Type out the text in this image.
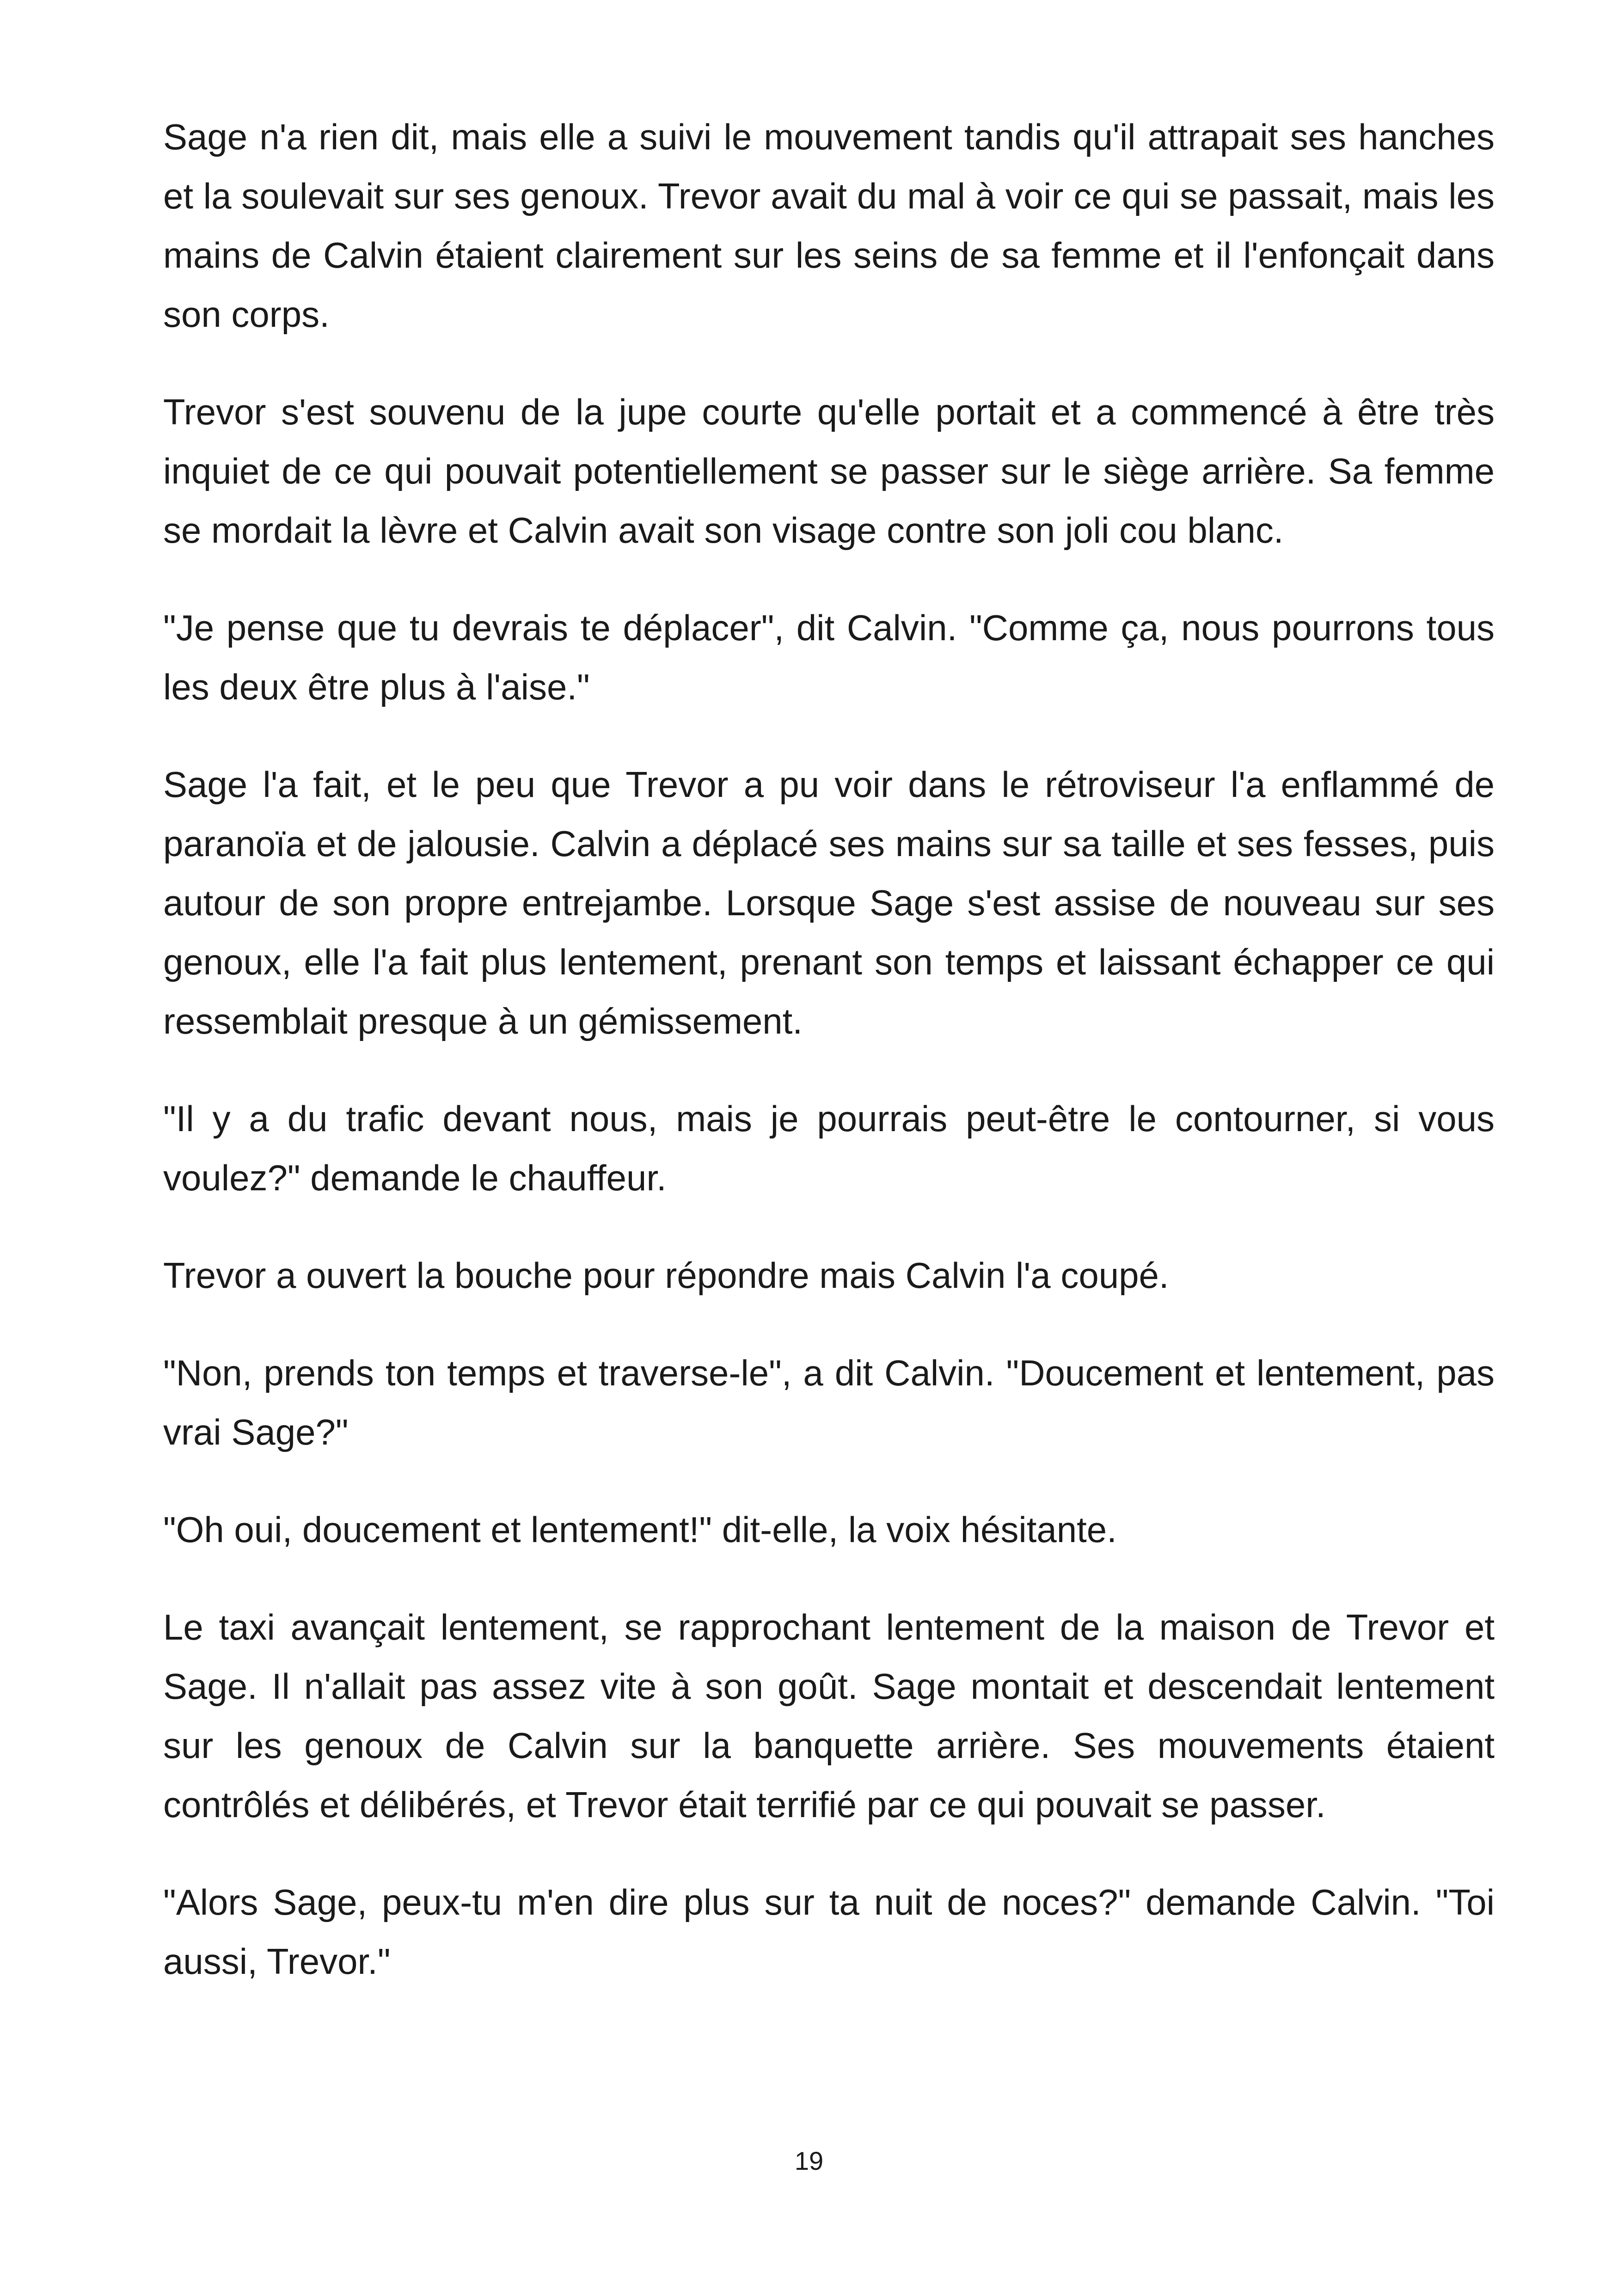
Sage n'a rien dit, mais elle a suivi le mouvement tandis qu'il attrapait ses hanches et la soulevait sur ses genoux. Trevor avait du mal à voir ce qui se passait, mais les mains de Calvin étaient clairement sur les seins de sa femme et il l'enfonçait dans son corps.

Trevor s'est souvenu de la jupe courte qu'elle portait et a commencé à être très inquiet de ce qui pouvait potentiellement se passer sur le siège arrière. Sa femme se mordait la lèvre et Calvin avait son visage contre son joli cou blanc.

"Je pense que tu devrais te déplacer", dit Calvin. "Comme ça, nous pourrons tous les deux être plus à l'aise."

Sage l'a fait, et le peu que Trevor a pu voir dans le rétroviseur l'a enflammé de paranoïa et de jalousie. Calvin a déplacé ses mains sur sa taille et ses fesses, puis autour de son propre entrejambe. Lorsque Sage s'est assise de nouveau sur ses genoux, elle l'a fait plus lentement, prenant son temps et laissant échapper ce qui ressemblait presque à un gémissement.

"Il y a du trafic devant nous, mais je pourrais peut-être le contourner, si vous voulez?" demande le chauffeur.

Trevor a ouvert la bouche pour répondre mais Calvin l'a coupé.

"Non, prends ton temps et traverse-le", a dit Calvin. "Doucement et lentement, pas vrai Sage?"

"Oh oui, doucement et lentement!" dit-elle, la voix hésitante.

Le taxi avançait lentement, se rapprochant lentement de la maison de Trevor et Sage. Il n'allait pas assez vite à son goût. Sage montait et descendait lentement sur les genoux de Calvin sur la banquette arrière. Ses mouvements étaient contrôlés et délibérés, et Trevor était terrifié par ce qui pouvait se passer.

"Alors Sage, peux-tu m'en dire plus sur ta nuit de noces?" demande Calvin. "Toi aussi, Trevor."

19
